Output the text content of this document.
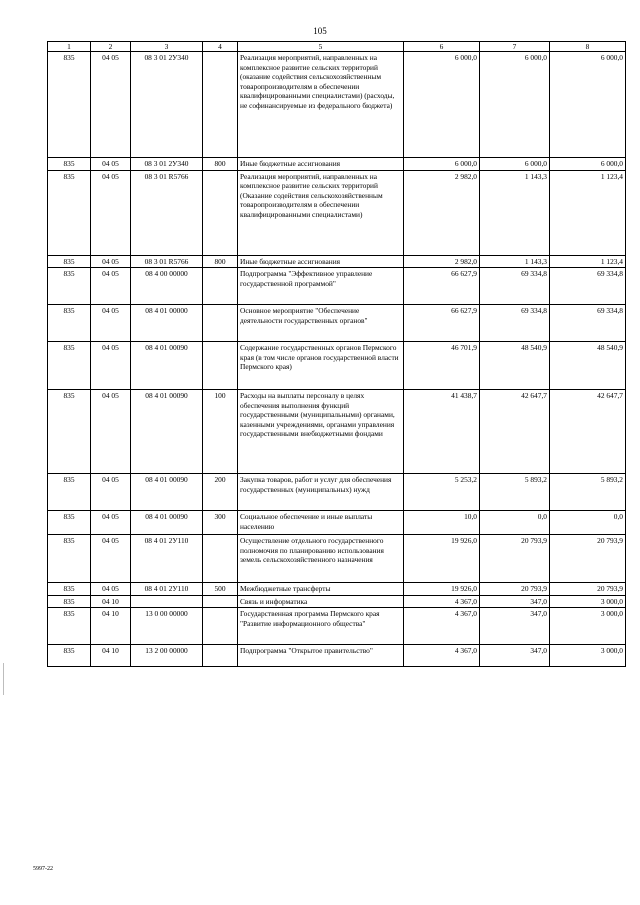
105
1	2	3	4	5	6	7	8
835	04 05	08 3 01 2У340		Реализация мероприятий, направленных на комплексное развитие сельских территорий (оказание содействия сельскохозяйственным товаропроизводителям в обеспечении квалифицированными специалистами) (расходы, не софинансируемые из федерального бюджета)	6 000,0	6 000,0	6 000,0
835	04 05	08 3 01 2У340	800	Иные бюджетные ассигнования	6 000,0	6 000,0	6 000,0
835	04 05	08 3 01 R5766		Реализация мероприятий, направленных на комплексное развитие сельских территорий (Оказание содействия сельскохозяйственным товаропроизводителям в обеспечении квалифицированными специалистами)	2 982,0	1 143,3	1 123,4
835	04 05	08 3 01 R5766	800	Иные бюджетные ассигнования	2 982,0	1 143,3	1 123,4
835	04 05	08 4 00 00000		Подпрограмма "Эффективное управление государственной программой"	66 627,9	69 334,8	69 334,8
835	04 05	08 4 01 00000		Основное мероприятие "Обеспечение деятельности государственных органов"	66 627,9	69 334,8	69 334,8
835	04 05	08 4 01 00090		Содержание государственных органов Пермского края (в том числе органов государственной власти Пермского края)	46 701,9	48 540,9	48 540,9
835	04 05	08 4 01 00090	100	Расходы на выплаты персоналу в целях обеспечения выполнения функций государственными (муниципальными) органами, казенными учреждениями, органами управления государственными внебюджетными фондами	41 438,7	42 647,7	42 647,7
835	04 05	08 4 01 00090	200	Закупка товаров, работ и услуг для обеспечения государственных (муниципальных) нужд	5 253,2	5 893,2	5 893,2
835	04 05	08 4 01 00090	300	Социальное обеспечение и иные выплаты населению	10,0	0,0	0,0
835	04 05	08 4 01 2У110		Осуществление отдельного государственного полномочия по планированию использования земель сельскохозяйственного назначения	19 926,0	20 793,9	20 793,9
835	04 05	08 4 01 2У110	500	Межбюджетные трансферты	19 926,0	20 793,9	20 793,9
835	04 10			Связь и информатика	4 367,0	347,0	3 000,0
835	04 10	13 0 00 00000		Государственная программа Пермского края "Развитие информационного общества"	4 367,0	347,0	3 000,0
835	04 10	13 2 00 00000		Подпрограмма "Открытое правительство"	4 367,0	347,0	3 000,0
5997-22
